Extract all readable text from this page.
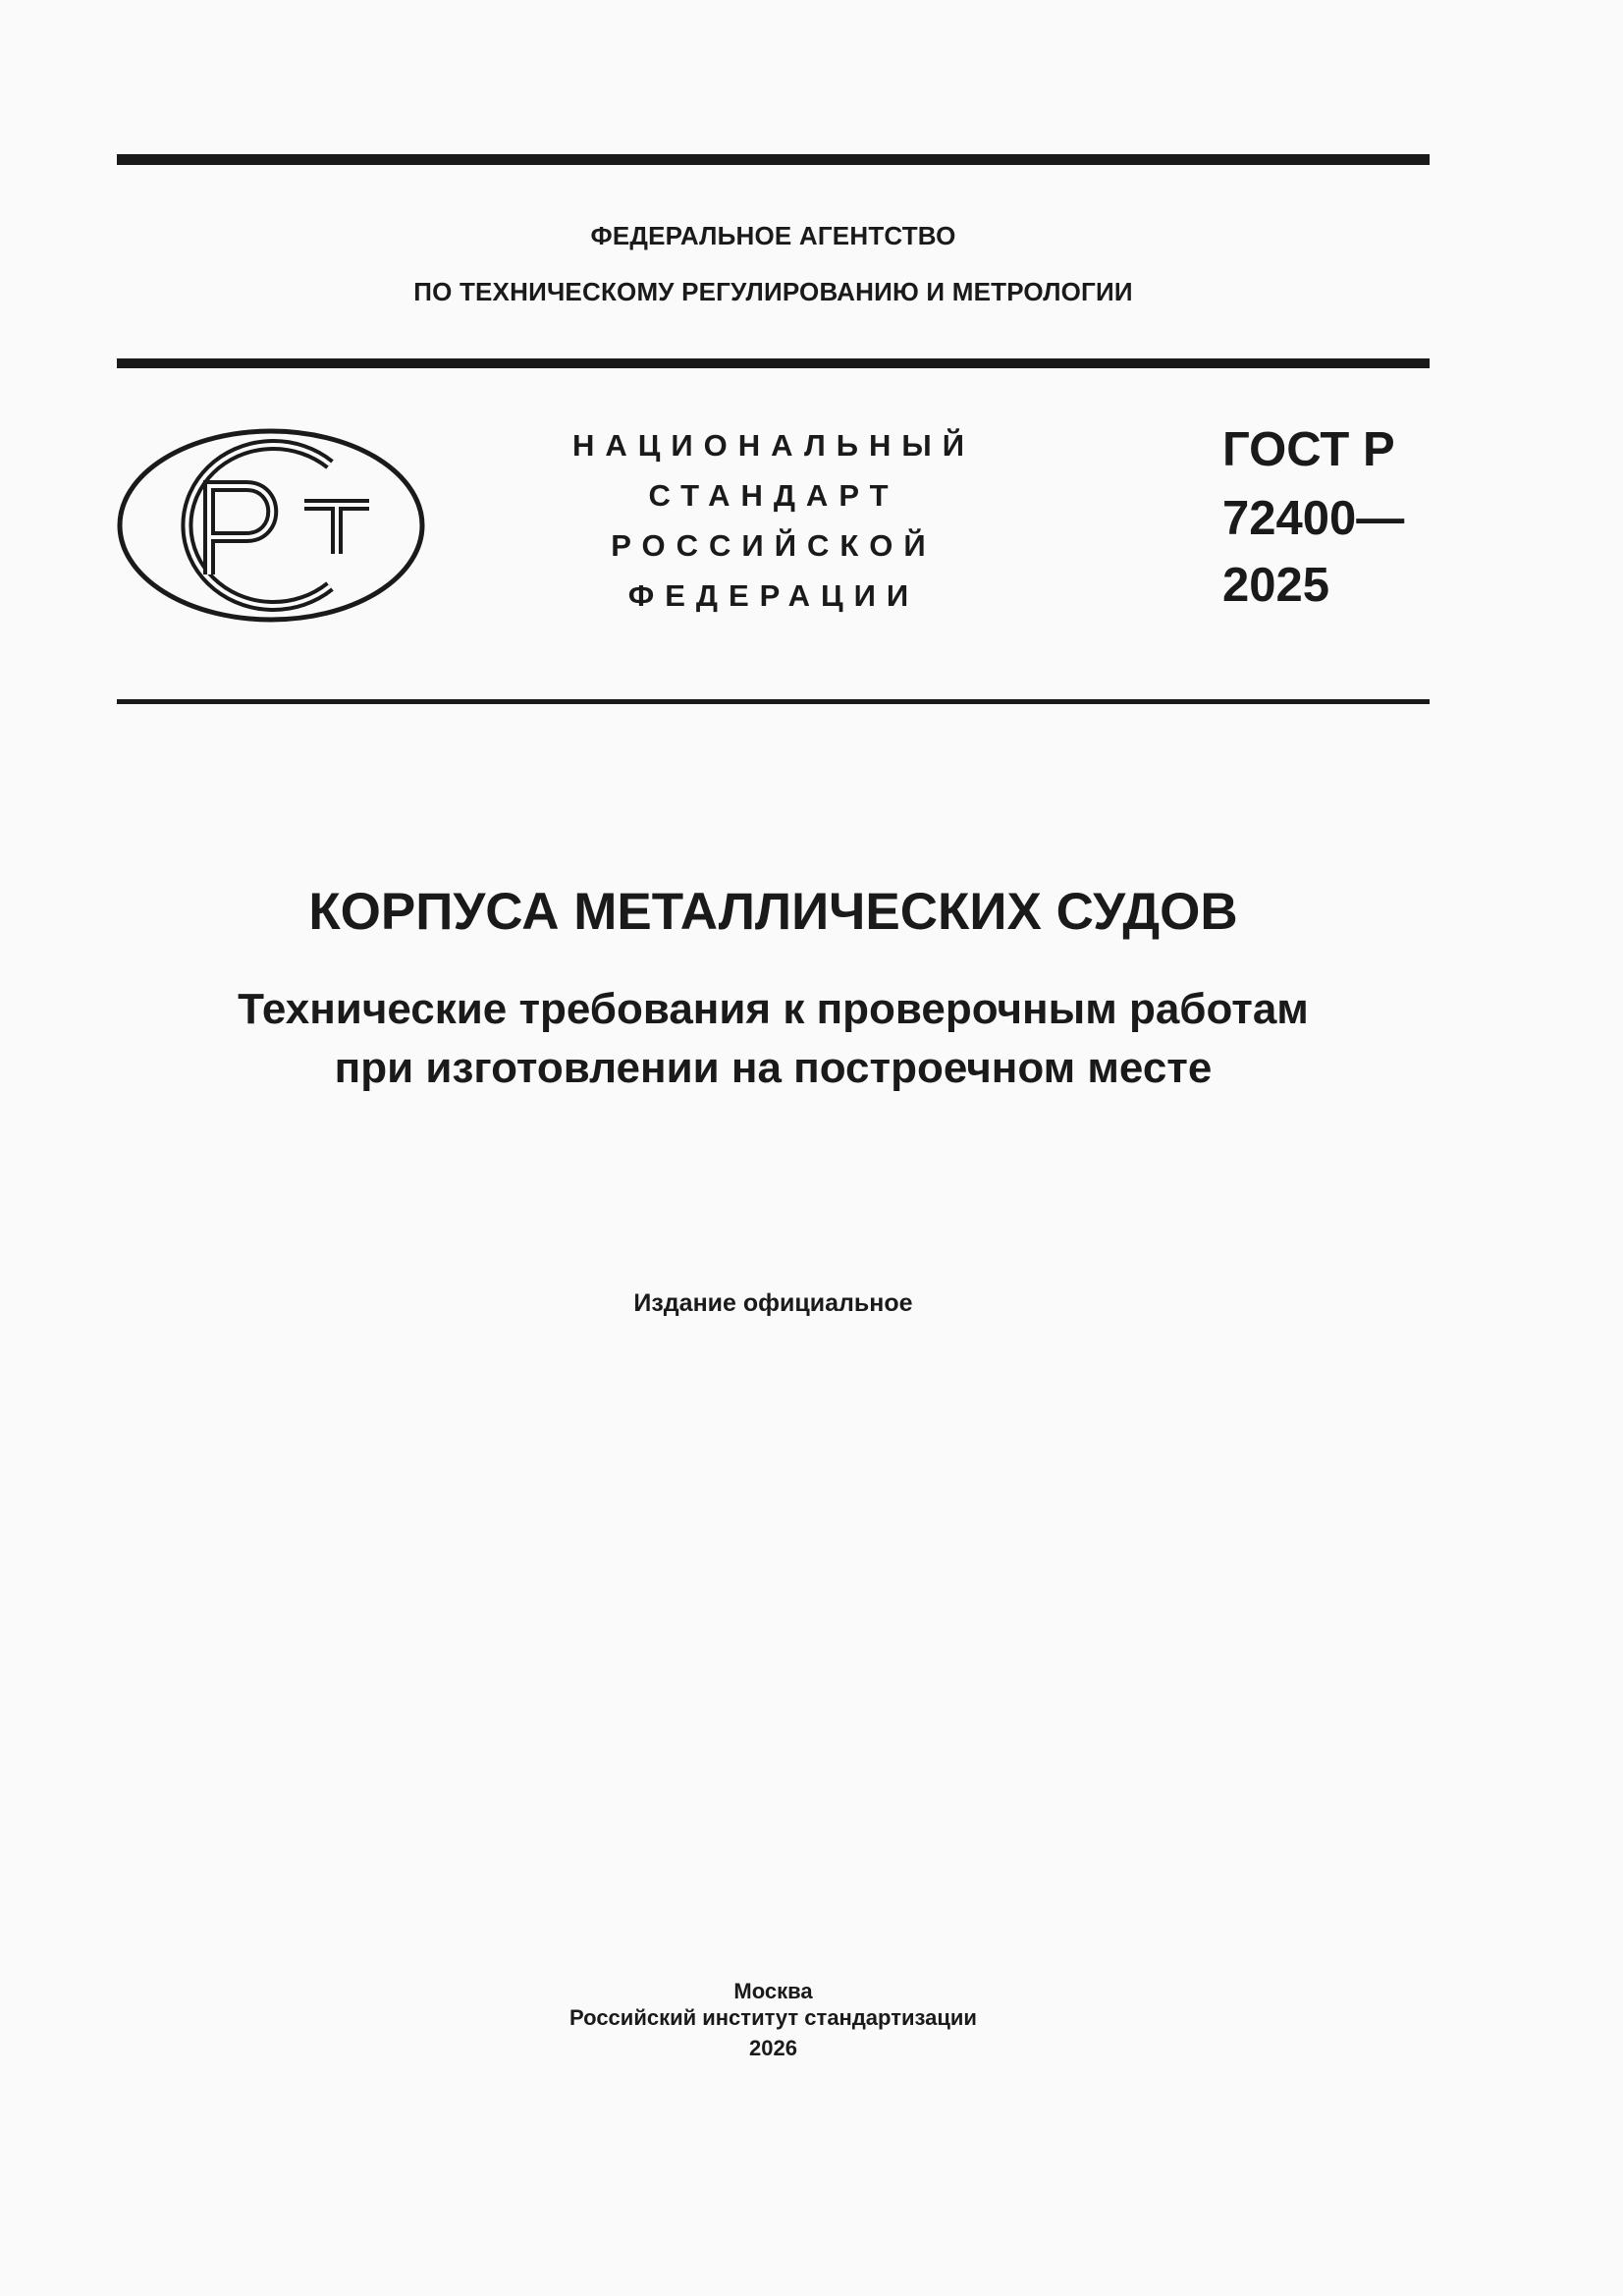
ФЕДЕРАЛЬНОЕ АГЕНТСТВО
ПО ТЕХНИЧЕСКОМУ РЕГУЛИРОВАНИЮ И МЕТРОЛОГИИ
НАЦИОНАЛЬНЫЙ
СТАНДАРТ
РОССИЙСКОЙ
ФЕДЕРАЦИИ
ГОСТ Р
72400—
2025
КОРПУСА МЕТАЛЛИЧЕСКИХ СУДОВ
Технические требования к проверочным работам
при изготовлении на построечном месте
Издание официальное
Москва
Российский институт стандартизации
2026
